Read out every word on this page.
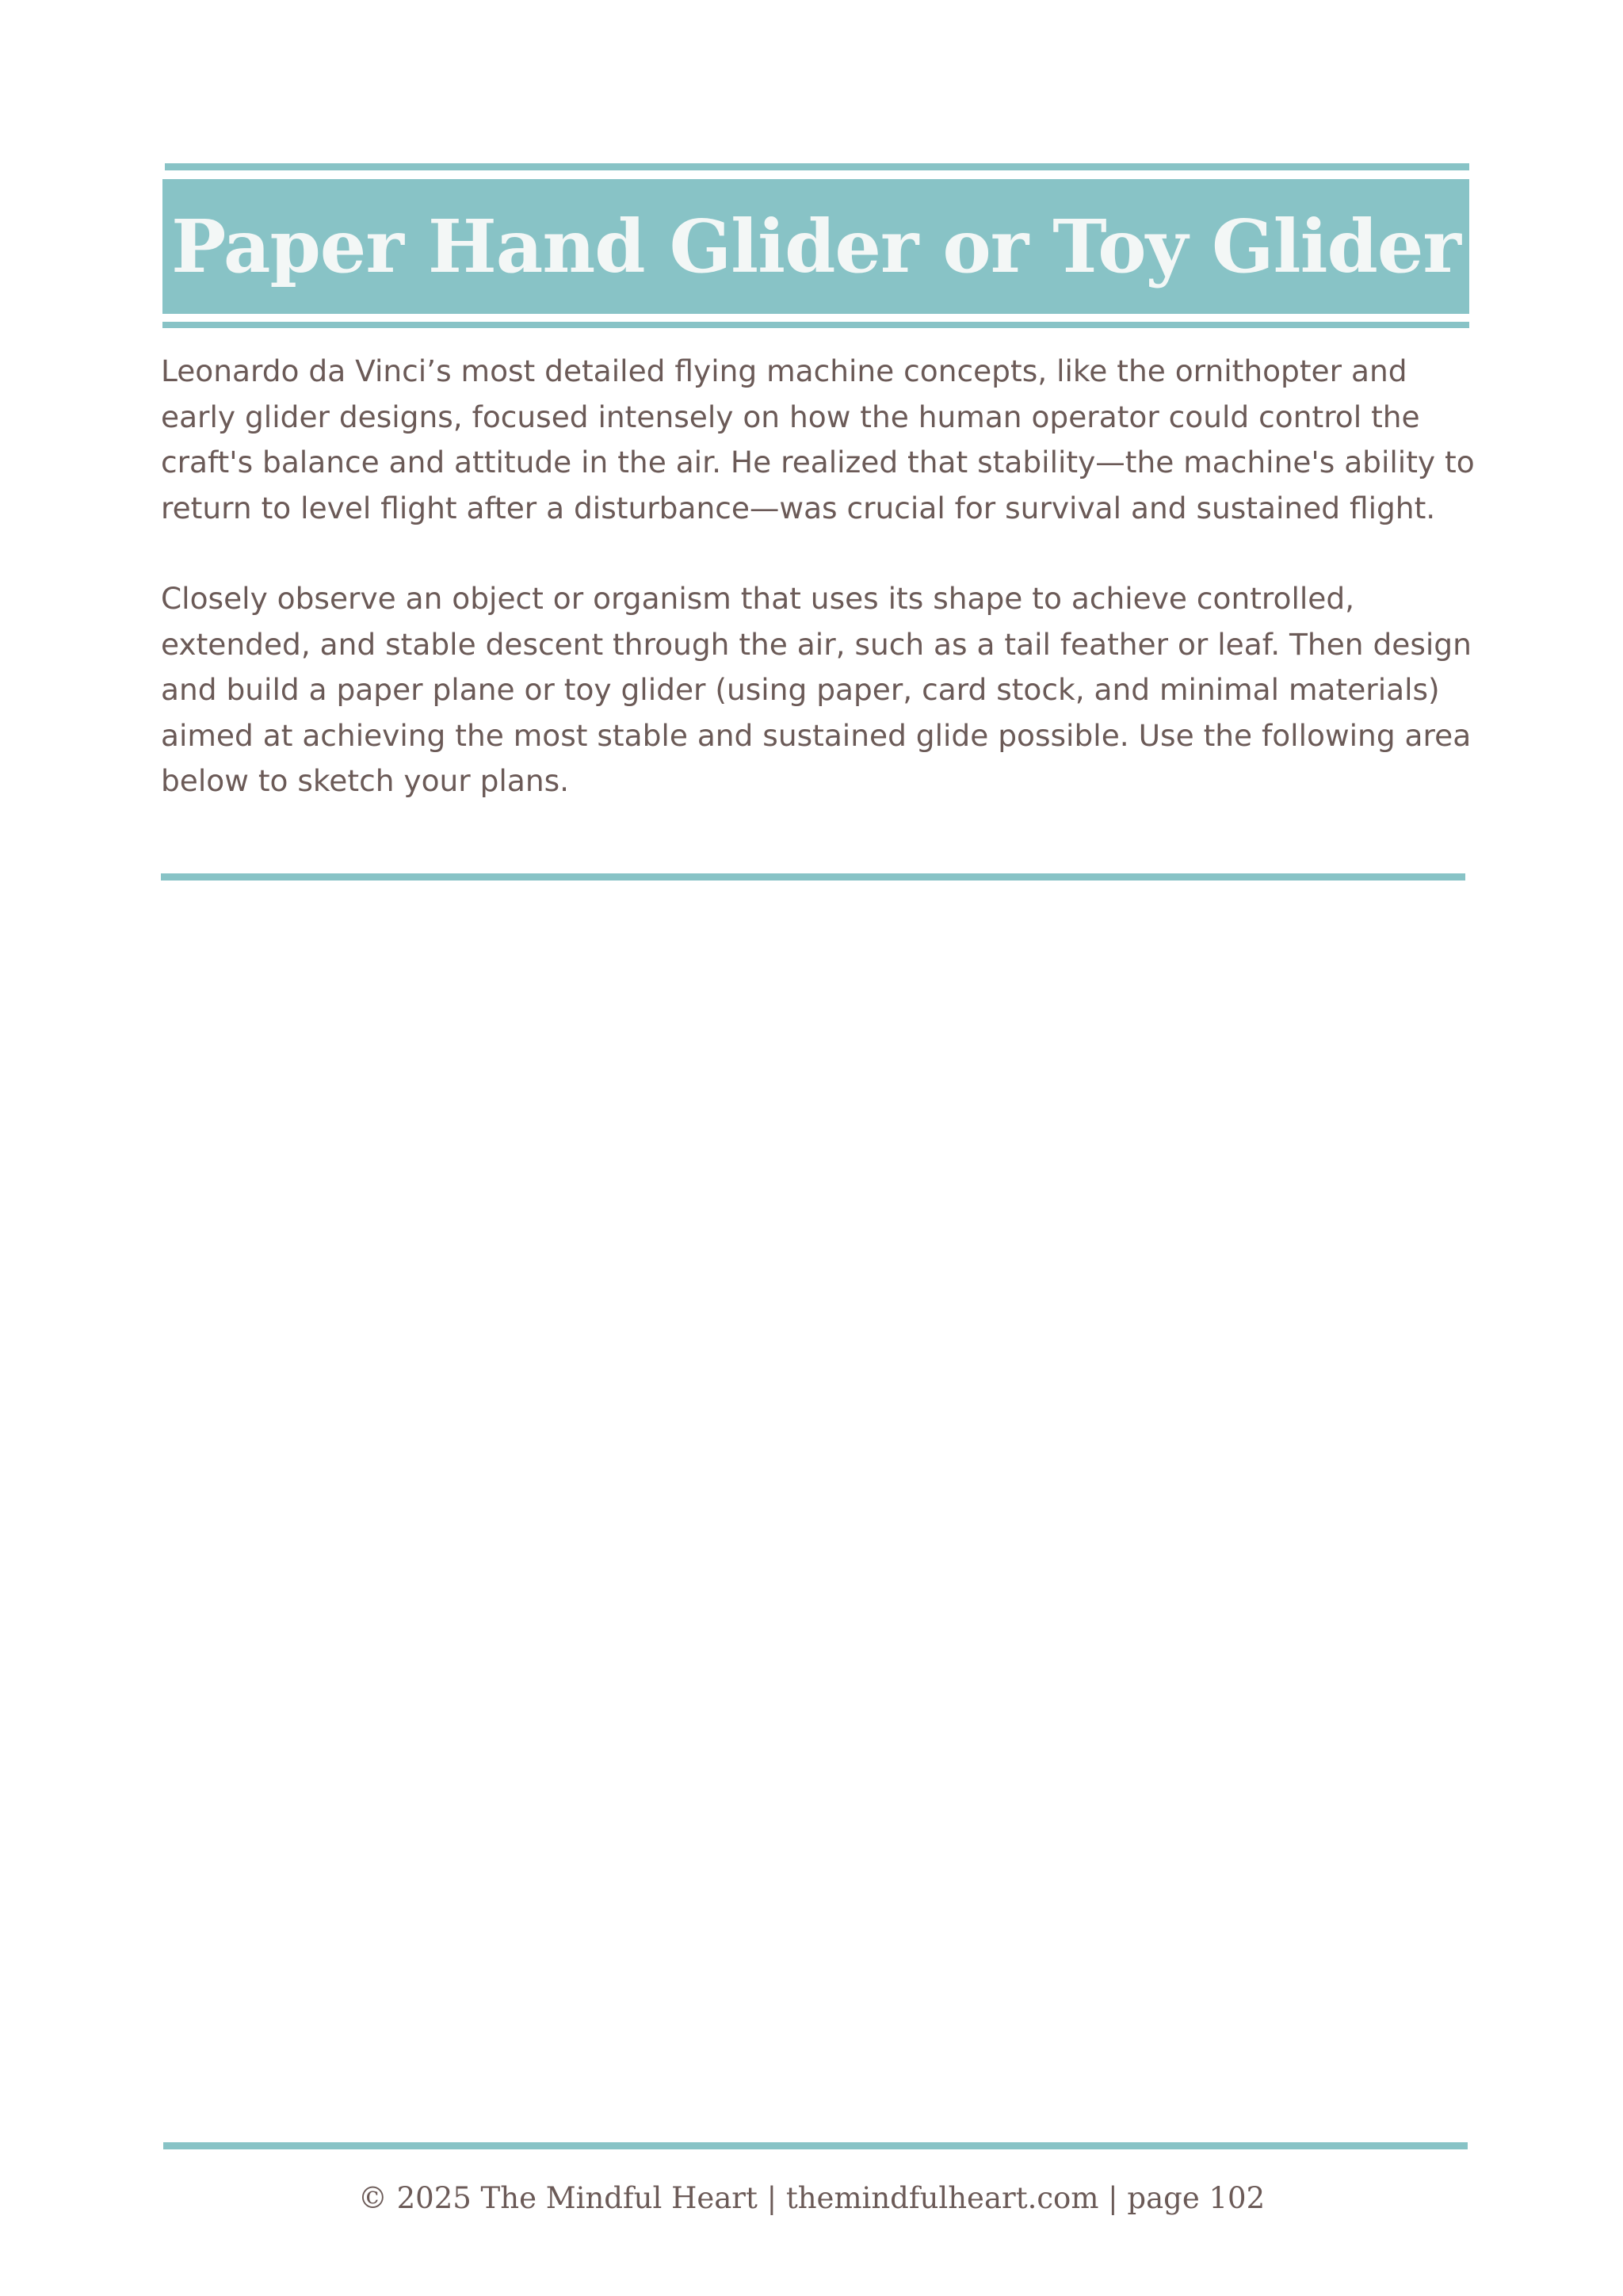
Paper Hand Glider or Toy Glider

Leonardo da Vinci’s most detailed flying machine concepts, like the ornithopter and early glider designs, focused intensely on how the human operator could control the craft's balance and attitude in the air. He realized that stability—the machine's ability to return to level flight after a disturbance—was crucial for survival and sustained flight.

Closely observe an object or organism that uses its shape to achieve controlled, extended, and stable descent through the air, such as a tail feather or leaf. Then design and build a paper plane or toy glider (using paper, card stock, and minimal materials) aimed at achieving the most stable and sustained glide possible. Use the following area below to sketch your plans.

© 2025 The Mindful Heart | themindfulheart.com | page 102
